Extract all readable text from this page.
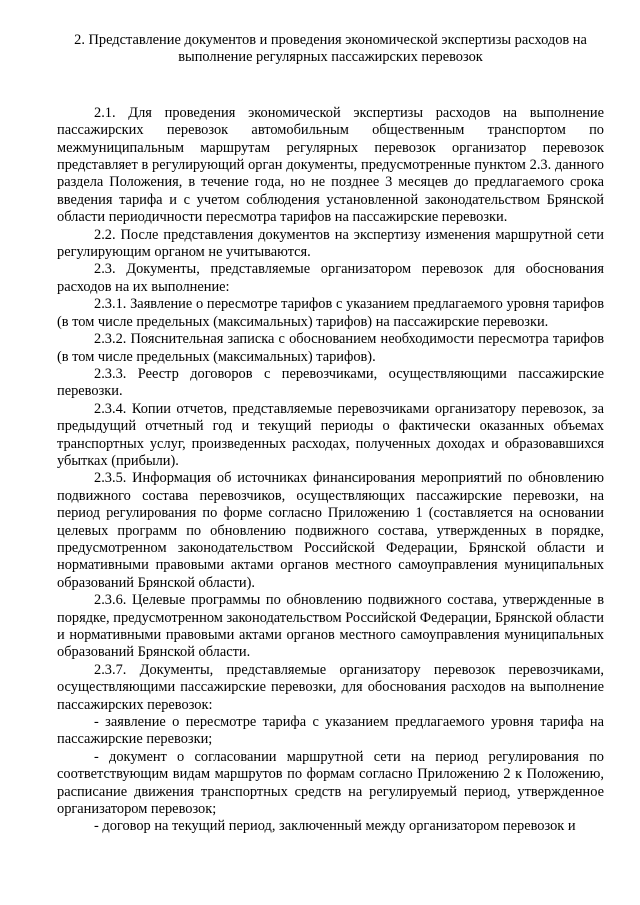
2. Представление документов и проведения экономической экспертизы расходов на выполнение регулярных пассажирских перевозок

2.1. Для проведения экономической экспертизы расходов на выполнение пассажирских перевозок автомобильным общественным транспортом по межмуниципальным маршрутам регулярных перевозок организатор перевозок представляет в регулирующий орган документы, предусмотренные пунктом 2.3. данного раздела Положения, в течение года, но не позднее 3 месяцев до предлагаемого срока введения тарифа и с учетом соблюдения установленной законодательством Брянской области периодичности пересмотра тарифов на пассажирские перевозки.

2.2. После представления документов на экспертизу изменения маршрутной сети регулирующим органом не учитываются.

2.3. Документы, представляемые организатором перевозок для обоснования расходов на их выполнение:

2.3.1. Заявление о пересмотре тарифов с указанием предлагаемого уровня тарифов (в том числе предельных (максимальных) тарифов) на пассажирские перевозки.

2.3.2. Пояснительная записка с обоснованием необходимости пересмотра тарифов (в том числе предельных (максимальных) тарифов).

2.3.3. Реестр договоров с перевозчиками, осуществляющими пассажирские перевозки.

2.3.4. Копии отчетов, представляемые перевозчиками организатору перевозок, за предыдущий отчетный год и текущий периоды о фактически оказанных объемах транспортных услуг, произведенных расходах, полученных доходах и образовавшихся убытках (прибыли).

2.3.5. Информация об источниках финансирования мероприятий по обновлению подвижного состава перевозчиков, осуществляющих пассажирские перевозки, на период регулирования по форме согласно Приложению 1 (составляется на основании целевых программ по обновлению подвижного состава, утвержденных в порядке, предусмотренном законодательством Российской Федерации, Брянской области и нормативными правовыми актами органов местного самоуправления муниципальных образований Брянской области).

2.3.6. Целевые программы по обновлению подвижного состава, утвержденные в порядке, предусмотренном законодательством Российской Федерации, Брянской области и нормативными правовыми актами органов местного самоуправления муниципальных образований Брянской области.

2.3.7. Документы, представляемые организатору перевозок перевозчиками, осуществляющими пассажирские перевозки, для обоснования расходов на выполнение пассажирских перевозок:

- заявление о пересмотре тарифа с указанием предлагаемого уровня тарифа на пассажирские перевозки;

- документ о согласовании маршрутной сети на период регулирования по соответствующим видам маршрутов по формам согласно Приложению 2 к Положению, расписание движения транспортных средств на регулируемый период, утвержденное организатором перевозок;

- договор на текущий период, заключенный между организатором перевозок и
